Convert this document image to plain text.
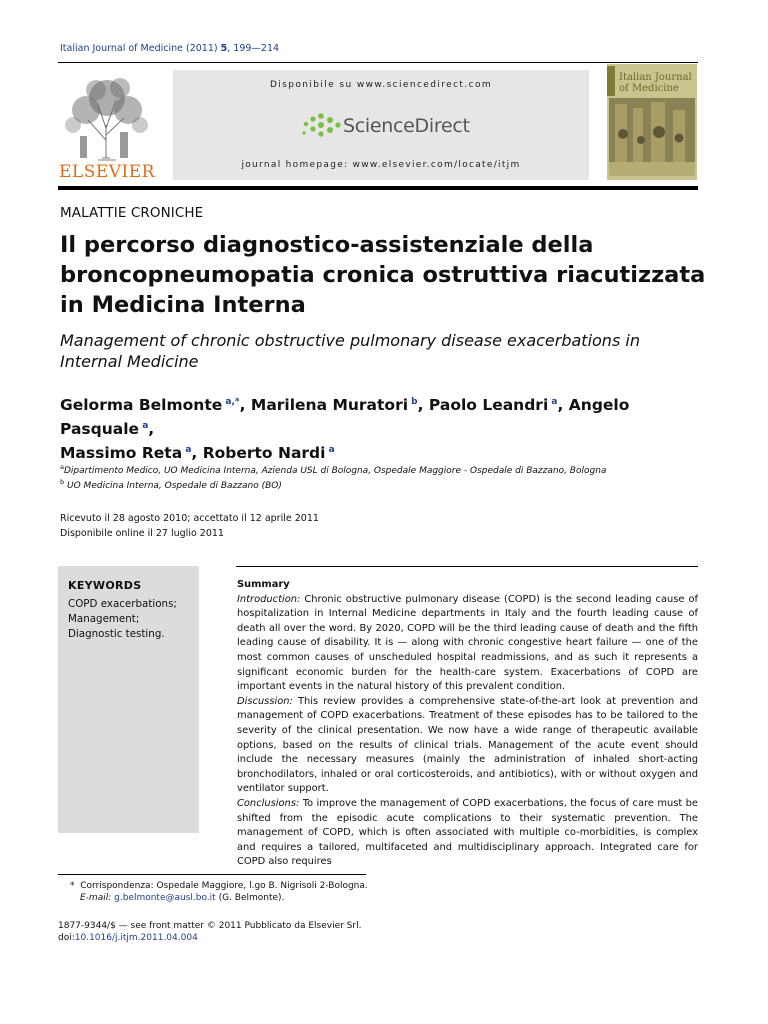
Italian Journal of Medicine (2011) 5, 199—214
ELSEVIER
Disponibile su www.sciencedirect.com
ScienceDirect
journal homepage: www.elsevier.com/locate/itjm
Italian Journal of Medicine
MALATTIE CRONICHE
Il percorso diagnostico-assistenziale della broncopneumopatia cronica ostruttiva riacutizzata in Medicina Interna
Management of chronic obstructive pulmonary disease exacerbations in Internal Medicine
Gelorma Belmonte $^{a,*}$, Marilena Muratori $^b$, Paolo Leandri $^a$, Angelo Pasquale $^a$,
Massimo Reta $^a$, Roberto Nardi $^a$
$^a$Dipartimento Medico, UO Medicina Interna, Azienda USL di Bologna, Ospedale Maggiore - Ospedale di Bazzano, Bologna
$^b$ UO Medicina Interna, Ospedale di Bazzano (BO)
Ricevuto il 28 agosto 2010; accettato il 12 aprile 2011
Disponibile online il 27 luglio 2011
KEYWORDS
COPD exacerbations;
Management;
Diagnostic testing.

Summary

Introduction: Chronic obstructive pulmonary disease (COPD) is the second leading cause of hospitalization in Internal Medicine departments in Italy and the fourth leading cause of death all over the word. By 2020, COPD will be the third leading cause of death and the fifth leading cause of disability. It is — along with chronic congestive heart failure — one of the most common causes of unscheduled hospital readmissions, and as such it represents a significant economic burden for the health-care system. Exacerbations of COPD are important events in the natural history of this prevalent condition.

Discussion: This review provides a comprehensive state-of-the-art look at prevention and management of COPD exacerbations. Treatment of these episodes has to be tailored to the severity of the clinical presentation. We now have a wide range of therapeutic available options, based on the results of clinical trials. Management of the acute event should include the necessary measures (mainly the administration of inhaled short-acting bronchodilators, inhaled or oral corticosteroids, and antibiotics), with or without oxygen and ventilator support.

Conclusions: To improve the management of COPD exacerbations, the focus of care must be shifted from the episodic acute complications to their systematic prevention. The management of COPD, which is often associated with multiple co-morbidities, is complex and requires a tailored, multifaceted and multidisciplinary approach. Integrated care for COPD also requires

* Corrispondenza: Ospedale Maggiore, l.go B. Nigrisoli 2-Bologna.
E-mail: g.belmonte@ausl.bo.it (G. Belmonte).
1877-9344/$ — see front matter © 2011 Pubblicato da Elsevier Srl.
doi:10.1016/j.itjm.2011.04.004
